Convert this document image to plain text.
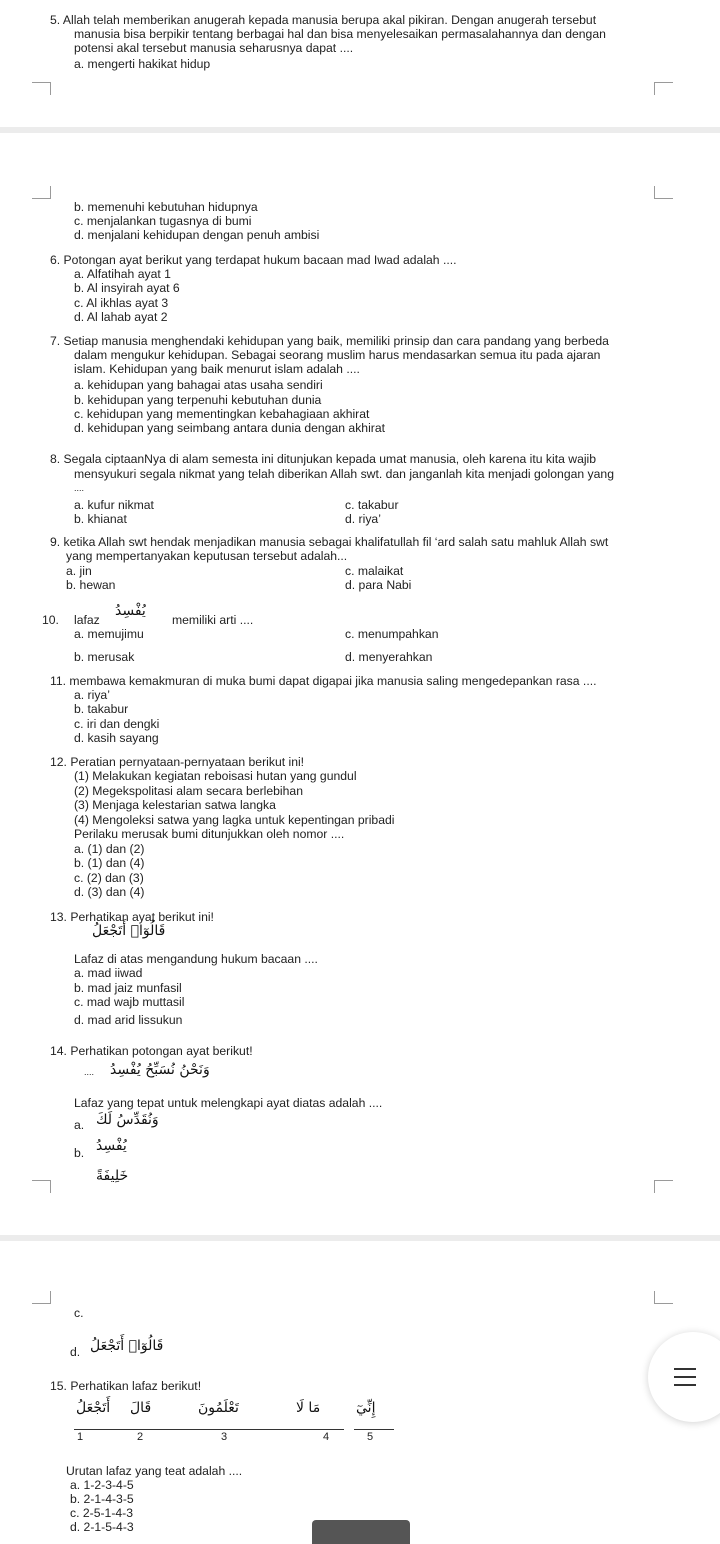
5. Allah telah memberikan anugerah kepada manusia berupa akal pikiran. Dengan anugerah tersebut
manusia bisa berpikir tentang berbagai hal dan bisa menyelesaikan permasalahannya dan dengan
potensi akal tersebut manusia seharusnya dapat ....
a. mengerti hakikat hidup
b. memenuhi kebutuhan hidupnya
c. menjalankan tugasnya di bumi
d. menjalani kehidupan dengan penuh ambisi
6. Potongan ayat berikut yang terdapat hukum bacaan mad Iwad adalah ....
a. Alfatihah ayat 1
b. Al insyirah ayat 6
c. Al ikhlas ayat 3
d. Al lahab ayat 2
7. Setiap manusia menghendaki kehidupan yang baik, memiliki prinsip dan cara pandang yang berbeda
dalam mengukur kehidupan. Sebagai seorang muslim harus mendasarkan semua itu pada ajaran
islam. Kehidupan yang baik menurut islam adalah ....
a. kehidupan yang bahagai atas usaha sendiri
b. kehidupan yang terpenuhi kebutuhan dunia
c. kehidupan yang mementingkan kebahagiaan akhirat
d. kehidupan yang seimbang antara dunia dengan akhirat
8. Segala ciptaanNya di alam semesta ini ditunjukan kepada umat manusia, oleh karena itu kita wajib
mensyukuri segala nikmat yang telah diberikan Allah swt. dan janganlah kita menjadi golongan yang
....
a. kufur nikmat
b. khianat
c. takabur
d. riya’
9. ketika Allah swt hendak menjadikan manusia sebagai khalifatullah fil ‘ard salah satu mahluk Allah swt
yang mempertanyakan keputusan tersebut adalah...
a. jin
b. hewan
c. malaikat
d. para Nabi
10. lafaz
يُفْسِدُ
memiliki arti ....
a. memujimu
b. merusak
c. menumpahkan
d. menyerahkan
11. membawa kemakmuran di muka bumi dapat digapai jika manusia saling mengedepankan rasa ....
a. riya’
b. takabur
c. iri dan dengki
d. kasih sayang
12. Peratian pernyataan-pernyataan berikut ini!
(1) Melakukan kegiatan reboisasi hutan yang gundul
(2) Megekspolitasi alam secara berlebihan
(3) Menjaga kelestarian satwa langka
(4) Mengoleksi satwa yang lagka untuk kepentingan pribadi
Perilaku merusak bumi ditunjukkan oleh nomor ....
a. (1) dan (2)
b. (1) dan (4)
c. (2) dan (3)
d. (3) dan (4)
13. Perhatikan ayat berikut ini!
قَالُوٓا۟ أَتَجْعَلُ
Lafaz di atas mengandung hukum bacaan ....
a. mad iiwad
b. mad jaiz munfasil
c. mad wajb muttasil
d. mad arid lissukun
14. Perhatikan potongan ayat berikut!
.... وَنَحْنُ نُسَبِّحُ يُفْسِدُ
Lafaz yang tepat untuk melengkapi ayat diatas adalah ....
a. وَنُقَدِّسُ لَكَ
b. يُفْسِدُ
خَلِيفَةً
c.
d. قَالُوٓا۟ أَتَجْعَلُ
15. Perhatikan lafaz berikut!
أَتَجْعَلُ قَالَ	تَعْلَمُونَ	مَا لَا	إِنِّيٓ
1	2	3	4	5
Urutan lafaz yang teat adalah ....
a. 1-2-3-4-5
b. 2-1-4-3-5
c. 2-5-1-4-3
d. 2-1-5-4-3
